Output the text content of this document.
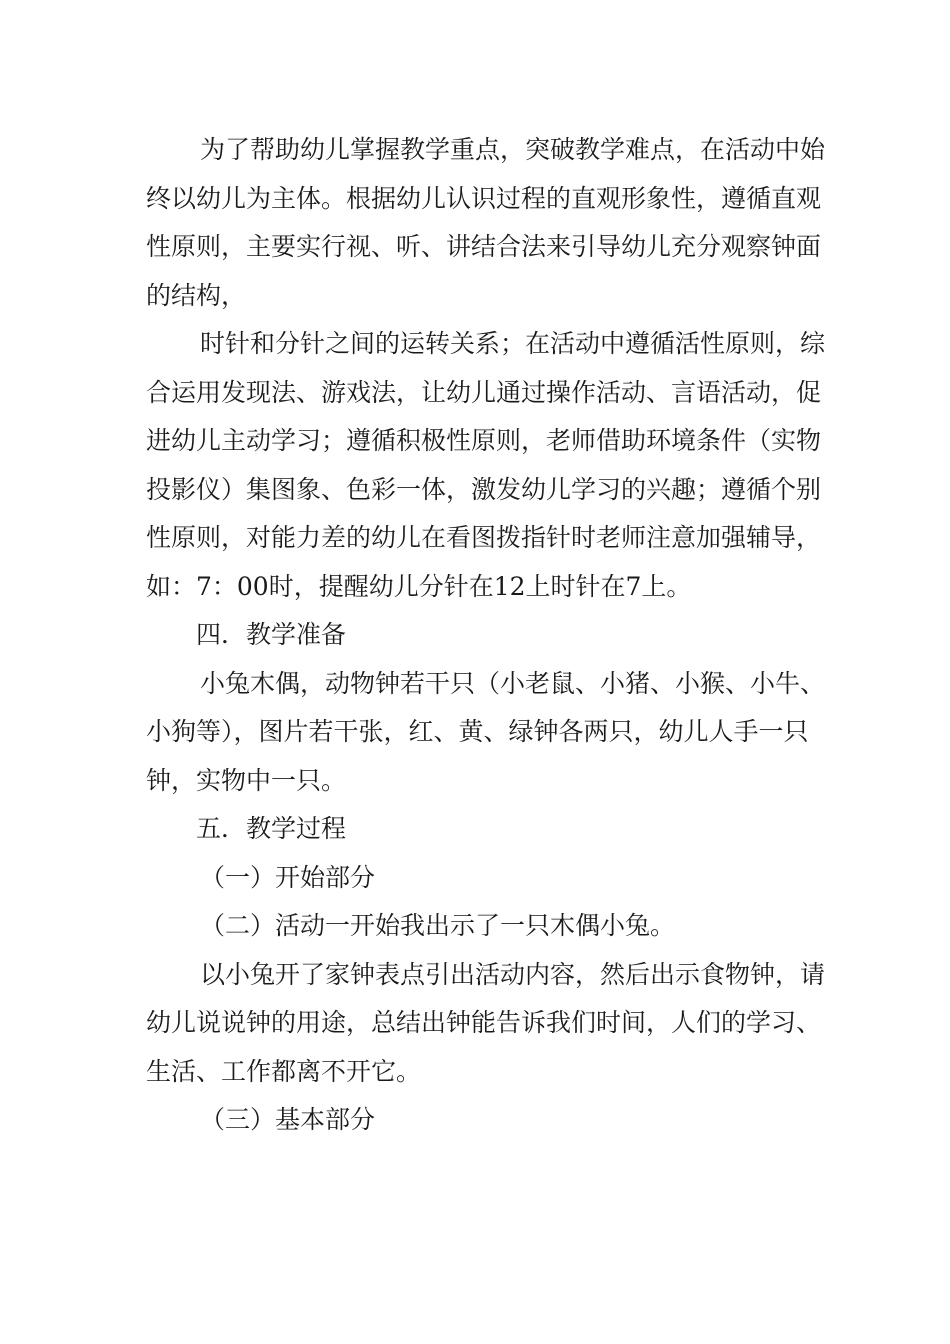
为了帮助幼儿掌握教学重点，突破教学难点，在活动中始终以幼儿为主体。根据幼儿认识过程的直观形象性，遵循直观性原则，主要实行视、听、讲结合法来引导幼儿充分观察钟面的结构，

时针和分针之间的运转关系；在活动中遵循活性原则，综合运用发现法、游戏法，让幼儿通过操作活动、言语活动，促进幼儿主动学习；遵循积极性原则，老师借助环境条件（实物投影仪）集图象、色彩一体，激发幼儿学习的兴趣；遵循个别性原则，对能力差的幼儿在看图拨指针时老师注意加强辅导，如：7：00时，提醒幼儿分针在12上时针在7上。

四．教学准备

小兔木偶，动物钟若干只（小老鼠、小猪、小猴、小牛、小狗等），图片若干张，红、黄、绿钟各两只，幼儿人手一只钟，实物中一只。

五．教学过程

（一）开始部分

（二）活动一开始我出示了一只木偶小兔。

以小兔开了家钟表点引出活动内容，然后出示食物钟，请幼儿说说钟的用途，总结出钟能告诉我们时间，人们的学习、生活、工作都离不开它。

（三）基本部分
